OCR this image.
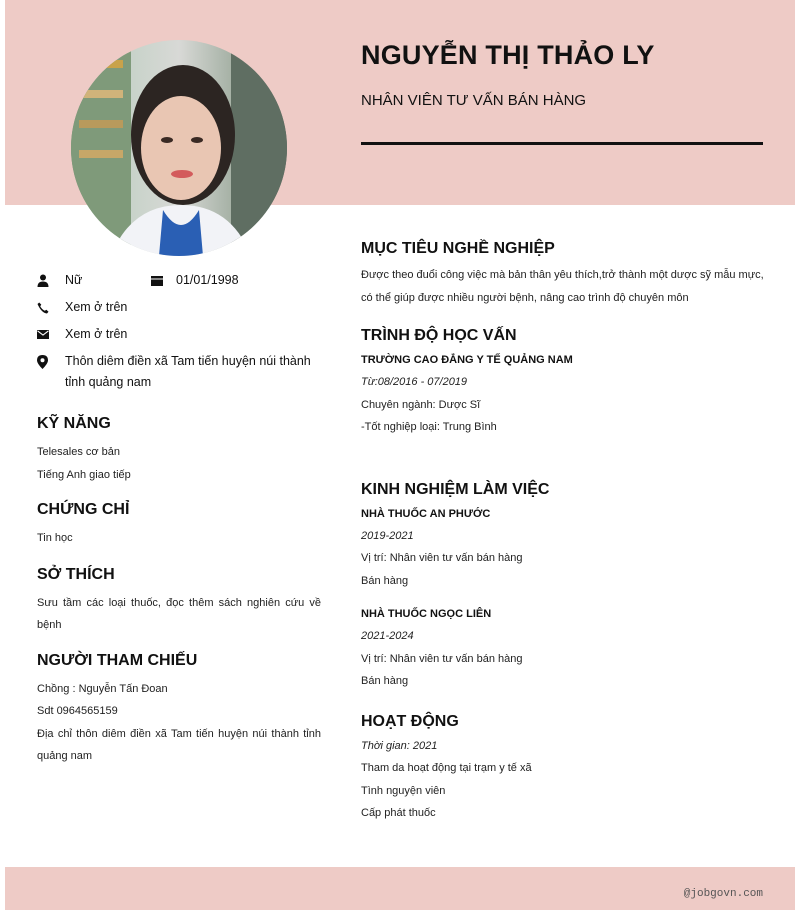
NGUYỄN THỊ THẢO LY
NHÂN VIÊN TƯ VẤN BÁN HÀNG
Nữ	01/01/1998
Xem ở trên
Xem ở trên
Thôn diêm điền xã Tam tiến huyện núi thành tỉnh quảng nam
KỸ NĂNG

Telesales cơ bản

Tiếng Anh giao tiếp

CHỨNG CHỈ

Tin học

SỞ THÍCH

Sưu tầm các loại thuốc, đọc thêm sách nghiên cứu về bệnh

NGƯỜI THAM CHIẾU

Chồng : Nguyễn Tấn Đoan

Sdt 0964565159

Địa chỉ thôn diêm điền xã Tam tiến huyện núi thành tỉnh quảng nam

MỤC TIÊU NGHỀ NGHIỆP

Được theo đuổi công việc mà bản thân yêu thích,trở thành một dược sỹ mẫu mực, có thể giúp được nhiều người bệnh, nâng cao trình độ chuyên môn

TRÌNH ĐỘ HỌC VẤN

TRƯỜNG CAO ĐẲNG Y TẾ QUẢNG NAM

Từ:08/2016 - 07/2019

Chuyên ngành: Dược Sĩ

-Tốt nghiệp loại: Trung Bình

KINH NGHIỆM LÀM VIỆC

NHÀ THUỐC AN PHƯỚC

2019-2021

Vị trí: Nhân viên tư vấn bán hàng

Bán hàng

NHÀ THUỐC NGỌC LIÊN

2021-2024

Vị trí: Nhân viên tư vấn bán hàng

Bán hàng

HOẠT ĐỘNG

Thời gian: 2021

Tham da hoạt động tại trạm y tế xã

Tình nguyện viên

Cấp phát thuốc

@jobgovn.com
